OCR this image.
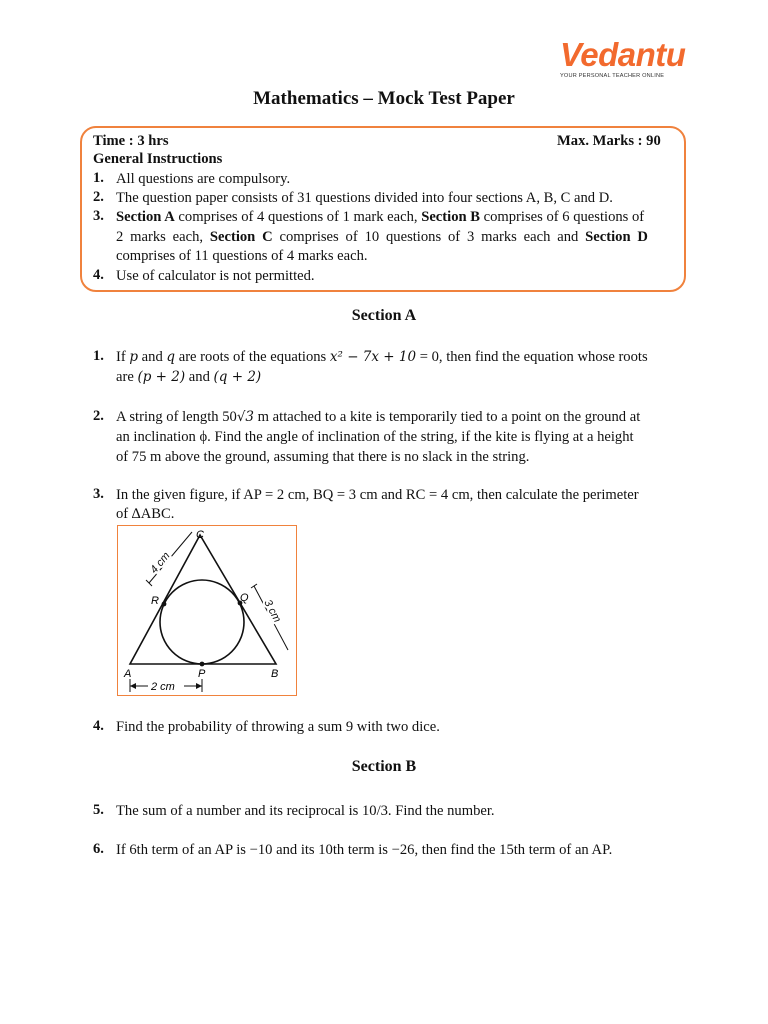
Vedantu
YOUR PERSONAL TEACHER ONLINE
Mathematics – Mock Test Paper
Time : 3 hrs	Max. Marks : 90
General Instructions
1. All questions are compulsory.
2. The question paper consists of 31 questions divided into four sections A, B, C and D.
3. Section A comprises of 4 questions of 1 mark each, Section B comprises of 6 questions of
2 marks each, Section C comprises of 10 questions of 3 marks each and Section D
comprises of 11 questions of 4 marks each.
4. Use of calculator is not permitted.
Section A
1. If p and q are roots of the equations x² − 7x + 10 = 0, then find the equation whose roots
are (p + 2) and (q + 2)
2. A string of length 50√3 m attached to a kite is temporarily tied to a point on the ground at
an inclination ϕ. Find the angle of inclination of the string, if the kite is flying at a height
of 75 m above the ground, assuming that there is no slack in the string.
3. In the given figure, if AP = 2 cm, BQ = 3 cm and RC = 4 cm, then calculate the perimeter
of ∆ABC.
C
A	B
P
R	Q
4 cm
3 cm
2 cm
4. Find the probability of throwing a sum 9 with two dice.
Section B
5. The sum of a number and its reciprocal is 10/3. Find the number.
6. If 6th term of an AP is −10 and its 10th term is −26, then find the 15th term of an AP.
